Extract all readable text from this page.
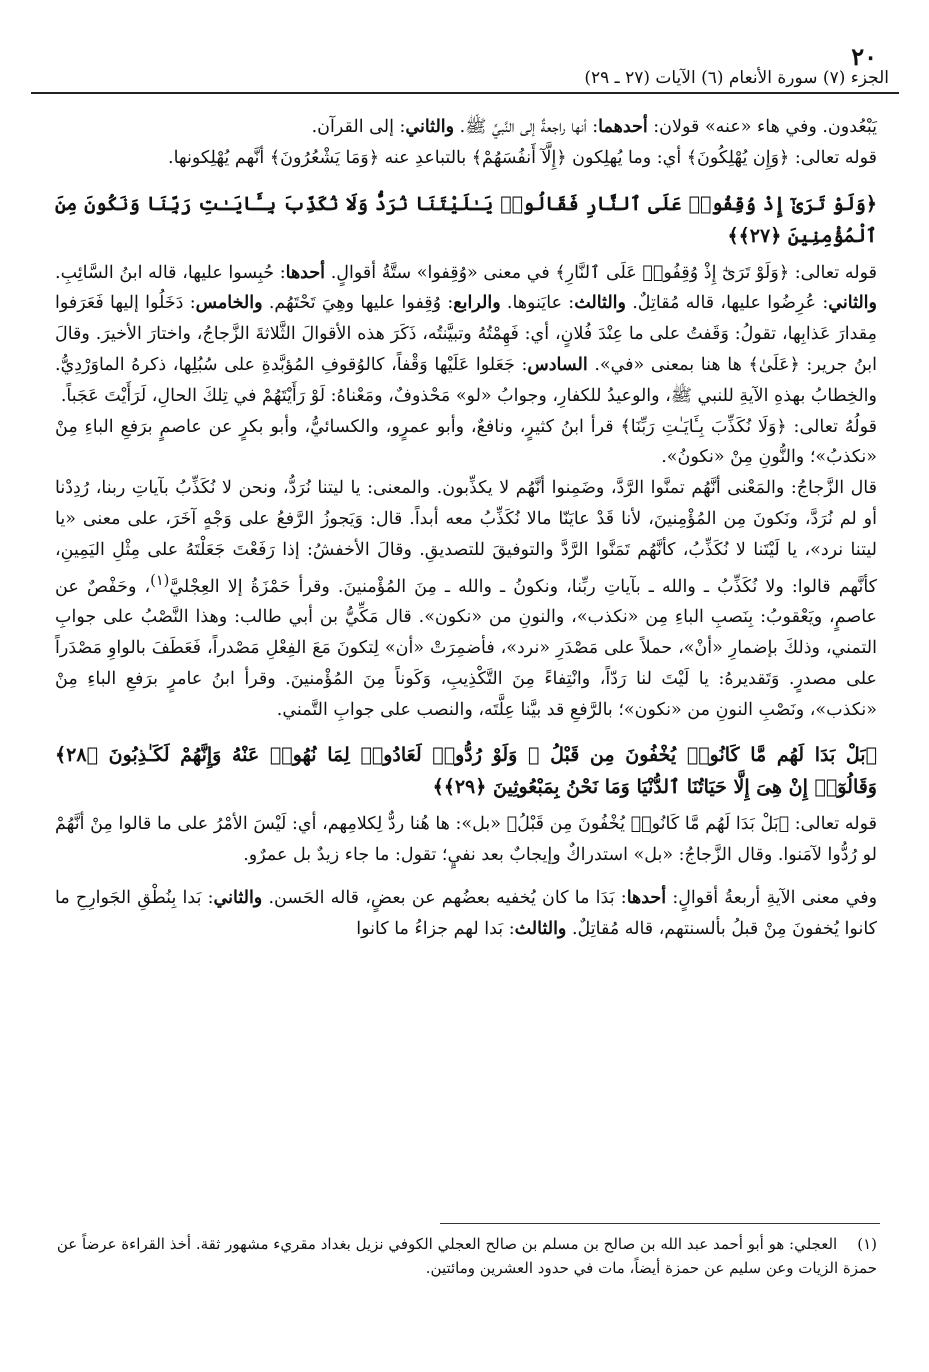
٢٠
الجزء (٧) سورة الأنعام (٦) الآيات (٢٧ ـ ٢٩)

يَبْعُدون. وفي هاء «عنه» قولان: أحدهما: أنها راجعةٌ إلى النَّبيِّ ﷺ. والثاني: إلى القرآن.

قوله تعالى: ﴿وَإِن يُهْلِكُونَ﴾ أي: وما يُهلِكون ﴿إِلَّآ أَنفُسَهُمْ﴾ بالتباعدِ عنه ﴿وَمَا يَشْعُرُونَ﴾ أنَّهم يُهْلِكونها.

﴿وَلَوْ تَرَىٰٓ إِذْ وُقِفُوا۟ عَلَى ٱلنَّارِ فَقَالُوا۟ يَـٰلَيْتَنَا نُرَدُّ وَلَا نُكَذِّبَ بِـَٔايَـٰتِ رَبِّنَا وَنَكُونَ مِنَ ٱلْمُؤْمِنِينَ ﴿٢٧﴾﴾

قوله تعالى: ﴿وَلَوْ تَرَىٰٓ إِذْ وُقِفُوا۟ عَلَى ٱلنَّارِ﴾ في معنى «وُقِفوا» ستَّةُ أقوالٍ. أحدها: حُبِسوا عليها، قاله ابنُ السَّائِبِ. والثاني: عُرِضُوا عليها، قاله مُقاتِلٌ. والثالث: عايَنوها. والرابع: وُقِفوا عليها وهِيَ تَحْتَهُم. والخامس: دَخَلُوا إليها فَعَرَفوا مِقدارَ عَذابِها، تقولُ: وَقَفتُ على ما عِنْدَ فُلانٍ، أي: فَهِمْتُهُ وتبيَّنتُه، ذَكَرَ هذه الأقوالَ الثَّلاثةَ الزَّجاجُ، واختارَ الأخيرَ. وقالَ ابنُ جرير: ﴿عَلَىٰ﴾ ها هنا بمعنى «في». السادس: جَعَلوا عَلَيْها وَقْفاً، كالوُقوفِ المُؤبَّدةِ على سُبُلِها، ذكرهُ الماوَرْدِيُّ. والخِطابُ بهذهِ الآيةِ للنبي ﷺ، والوعيدُ للكفارِ، وجوابُ «لو» مَحْذوفٌ، ومَعْناهُ: لَوْ رَأَيْتَهُمْ في تِلكَ الحالِ، لَرَأَيْتَ عَجَباً.

قولُهُ تعالى: ﴿وَلَا نُكَذِّبَ بِـَٔايَـٰتِ رَبِّنَا﴾ قرأ ابنُ كثيرٍ، ونافعٌ، وأبو عمرٍو، والكسائيُّ، وأبو بكرٍ عن عاصمٍ برَفعِ الباءِ مِنْ «نكذبُ»؛ والنُّونِ مِنْ «نكونُ».

قال الزَّجاجُ: والمَعْنى أنَّهُم تمنَّوا الرَّدَّ، وضَمِنوا أنَّهُم لا يكذِّبون. والمعنى: يا ليتنا نُرَدُّ، ونحن لا نُكَذِّبُ بآياتِ ربنا، رُدِدْنا أو لم نُرَدَّ، ونَكونَ مِن المُؤْمِنينَ، لأنا قَدْ عايَنّا مالا نُكَذِّبُ معه أبداً. قال: وَيَجوزُ الرَّفعُ على وَجْهٍ آخَرَ، على معنى «يا ليتنا نرد»، يا لَيْتَنا لا نُكَذِّبُ، كأنَّهُم تَمَنَّوا الرَّدَّ والتوفيقَ للتصديقِ. وقالَ الأخفشُ: إذا رَفَعْتَ جَعَلْتَهُ على مِثْلِ اليَمِينِ، كأنَّهم قالوا: ولا نُكَذِّبُ ـ والله ـ بآياتِ ربِّنا، ونكونُ ـ والله ـ مِنَ المُؤْمنينَ. وقرأ حَمْزَةُ إلا العِجْليَّ$^{(١)}$، وحَفْصٌ عن عاصمٍ، ويَعْقوبُ: بِنَصبِ الباءِ مِن «نكذب»، والنونِ من «نكون». قال مَكِّيُّ بن أبي طالب: وهذا النَّصْبُ على جوابِ التمني، وذلكَ بإضمارِ «أنْ»، حملاً على مَصْدَرِ «نرد»، فأضمِرَتْ «أن» لِتكونَ مَعَ الفِعْلِ مَصْدراً، فَعَطَفَ بالواوِ مَصْدَراً على مصدرٍ. وَتَقديرهُ: يا لَيْتَ لنا رَدّاً، وانْتِفاءً مِنَ التَّكْذِيبِ، وَكَوناً مِنَ المُؤْمنينَ. وقرأ ابنُ عامرٍ برَفعِ الباءِ مِنْ «نكذب»، ونَصْبِ النونِ من «نكون»؛ بالرَّفعِ قد بيَّنا عِلَّتَه، والنصب على جوابِ التَّمني.

﴿بَلْ بَدَا لَهُم مَّا كَانُوا۟ يُخْفُونَ مِن قَبْلُ ۖ وَلَوْ رُدُّوا۟ لَعَادُوا۟ لِمَا نُهُوا۟ عَنْهُ وَإِنَّهُمْ لَكَـٰذِبُونَ ﴿٢٨﴾ وَقَالُوٓا۟ إِنْ هِىَ إِلَّا حَيَاتُنَا ٱلدُّنْيَا وَمَا نَحْنُ بِمَبْعُوثِينَ ﴿٢٩﴾﴾

قوله تعالى: ﴿بَلْ بَدَا لَهُم مَّا كَانُوا۟ يُخْفُونَ مِن قَبْلُ﴾ «بل»: ها هُنا ردٌّ لِكلامِهم، أي: لَيْسَ الأمْرُ على ما قالوا مِنْ أنَّهُمْ لو رُدُّوا لآمَنوا. وقال الزَّجاجُ: «بل» استدراكٌ وإيجابٌ بعد نفيٍ؛ تقول: ما جاء زيدٌ بل عمرٌو.

وفي معنى الآيةِ أربعةُ أقوالٍ: أحدها: بَدَا ما كان يُخفيه بعضُهم عن بعضٍ، قاله الحَسن. والثاني: بَدا بِنُطْقِ الجَوارِحِ ما كانوا يُخفونَ مِنْ قبلُ بألسنتهم، قاله مُقاتِلٌ. والثالث: بَدا لهم جزاءُ ما كانوا

(١)العجلي: هو أبو أحمد عبد الله بن صالح بن مسلم بن صالح العجلي الكوفي نزيل بغداد مقريء مشهور ثقة. أخذ القراءة عرضاً عن حمزة الزيات وعن سليم عن حمزة أيضاً، مات في حدود العشرين ومائتين.
